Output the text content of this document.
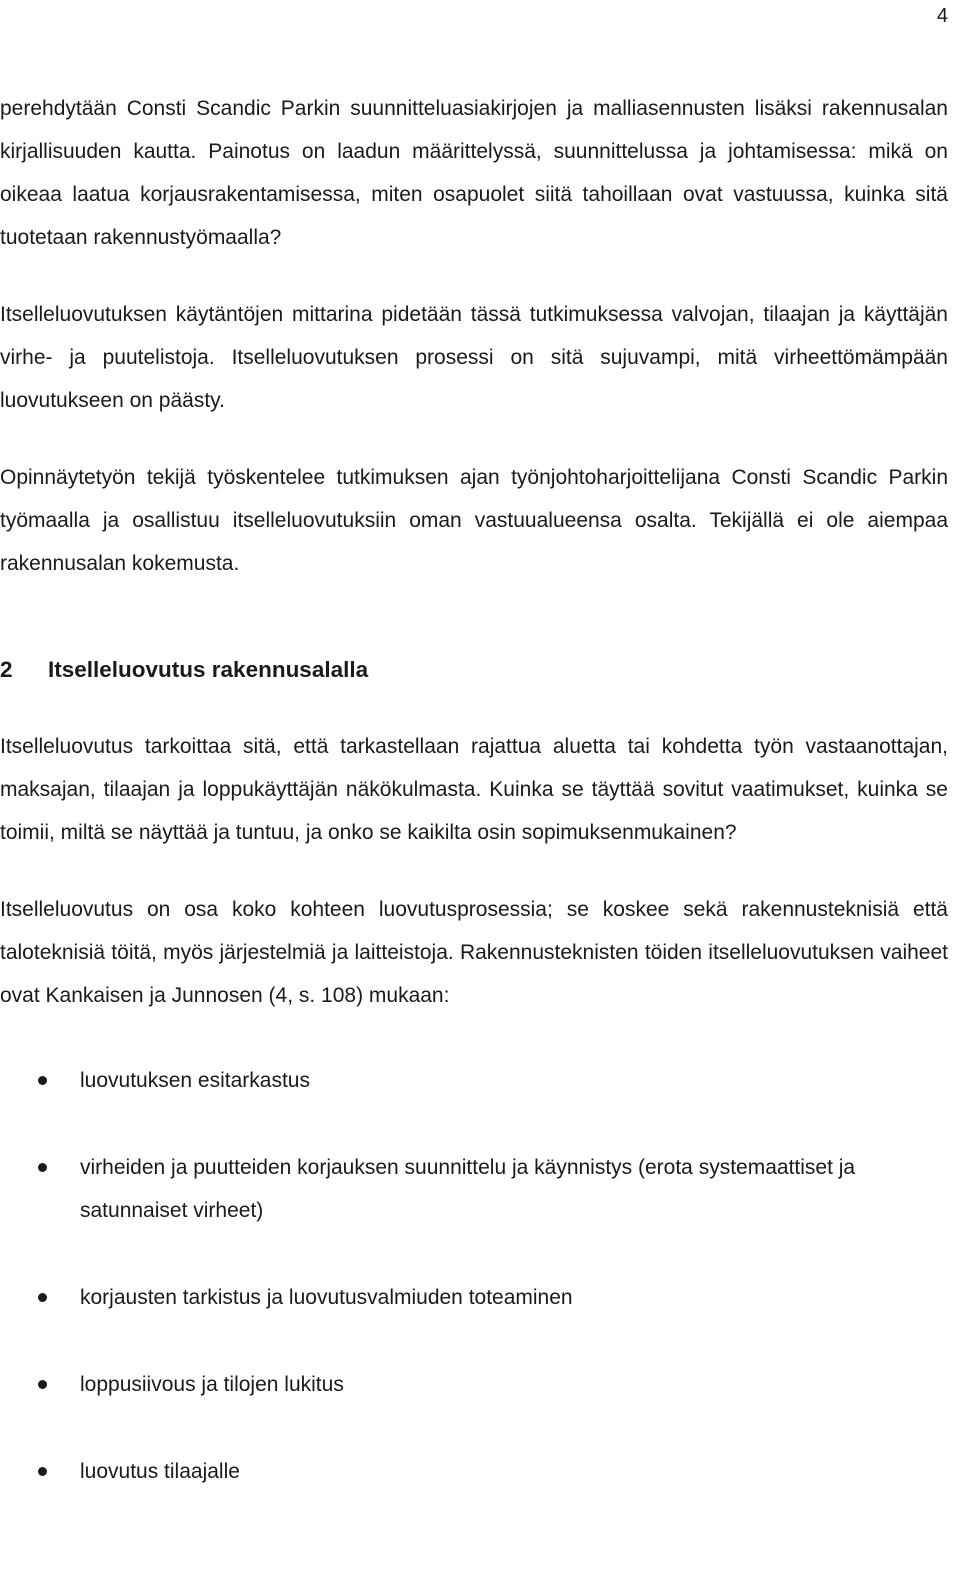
4

perehdytään Consti Scandic Parkin suunnitteluasiakirjojen ja malliasennusten lisäksi rakennusalan kirjallisuuden kautta. Painotus on laadun määrittelyssä, suunnittelussa ja johtamisessa: mikä on oikeaa laatua korjausrakentamisessa, miten osapuolet siitä tahoillaan ovat vastuussa, kuinka sitä tuotetaan rakennustyömaalla?

Itselleluovutuksen käytäntöjen mittarina pidetään tässä tutkimuksessa valvojan, tilaajan ja käyttäjän virhe- ja puutelistoja. Itselleluovutuksen prosessi on sitä sujuvampi, mitä virheettömämpään luovutukseen on päästy.

Opinnäytetyön tekijä työskentelee tutkimuksen ajan työnjohtoharjoittelijana Consti Scandic Parkin työmaalla ja osallistuu itselleluovutuksiin oman vastuualueensa osalta. Tekijällä ei ole aiempaa rakennusalan kokemusta.

2	Itselleluovutus rakennusalalla

Itselleluovutus tarkoittaa sitä, että tarkastellaan rajattua aluetta tai kohdetta työn vastaanottajan, maksajan, tilaajan ja loppukäyttäjän näkökulmasta. Kuinka se täyttää sovitut vaatimukset, kuinka se toimii, miltä se näyttää ja tuntuu, ja onko se kaikilta osin sopimuksenmukainen?

Itselleluovutus on osa koko kohteen luovutusprosessia; se koskee sekä rakennusteknisiä että taloteknisiä töitä, myös järjestelmiä ja laitteistoja. Rakennusteknisten töiden itselleluovutuksen vaiheet ovat Kankaisen ja Junnosen (4, s. 108) mukaan:

luovutuksen esitarkastus
virheiden ja puutteiden korjauksen suunnittelu ja käynnistys (erota systemaattiset ja satunnaiset virheet)
korjausten tarkistus ja luovutusvalmiuden toteaminen
loppusiivous ja tilojen lukitus
luovutus tilaajalle
